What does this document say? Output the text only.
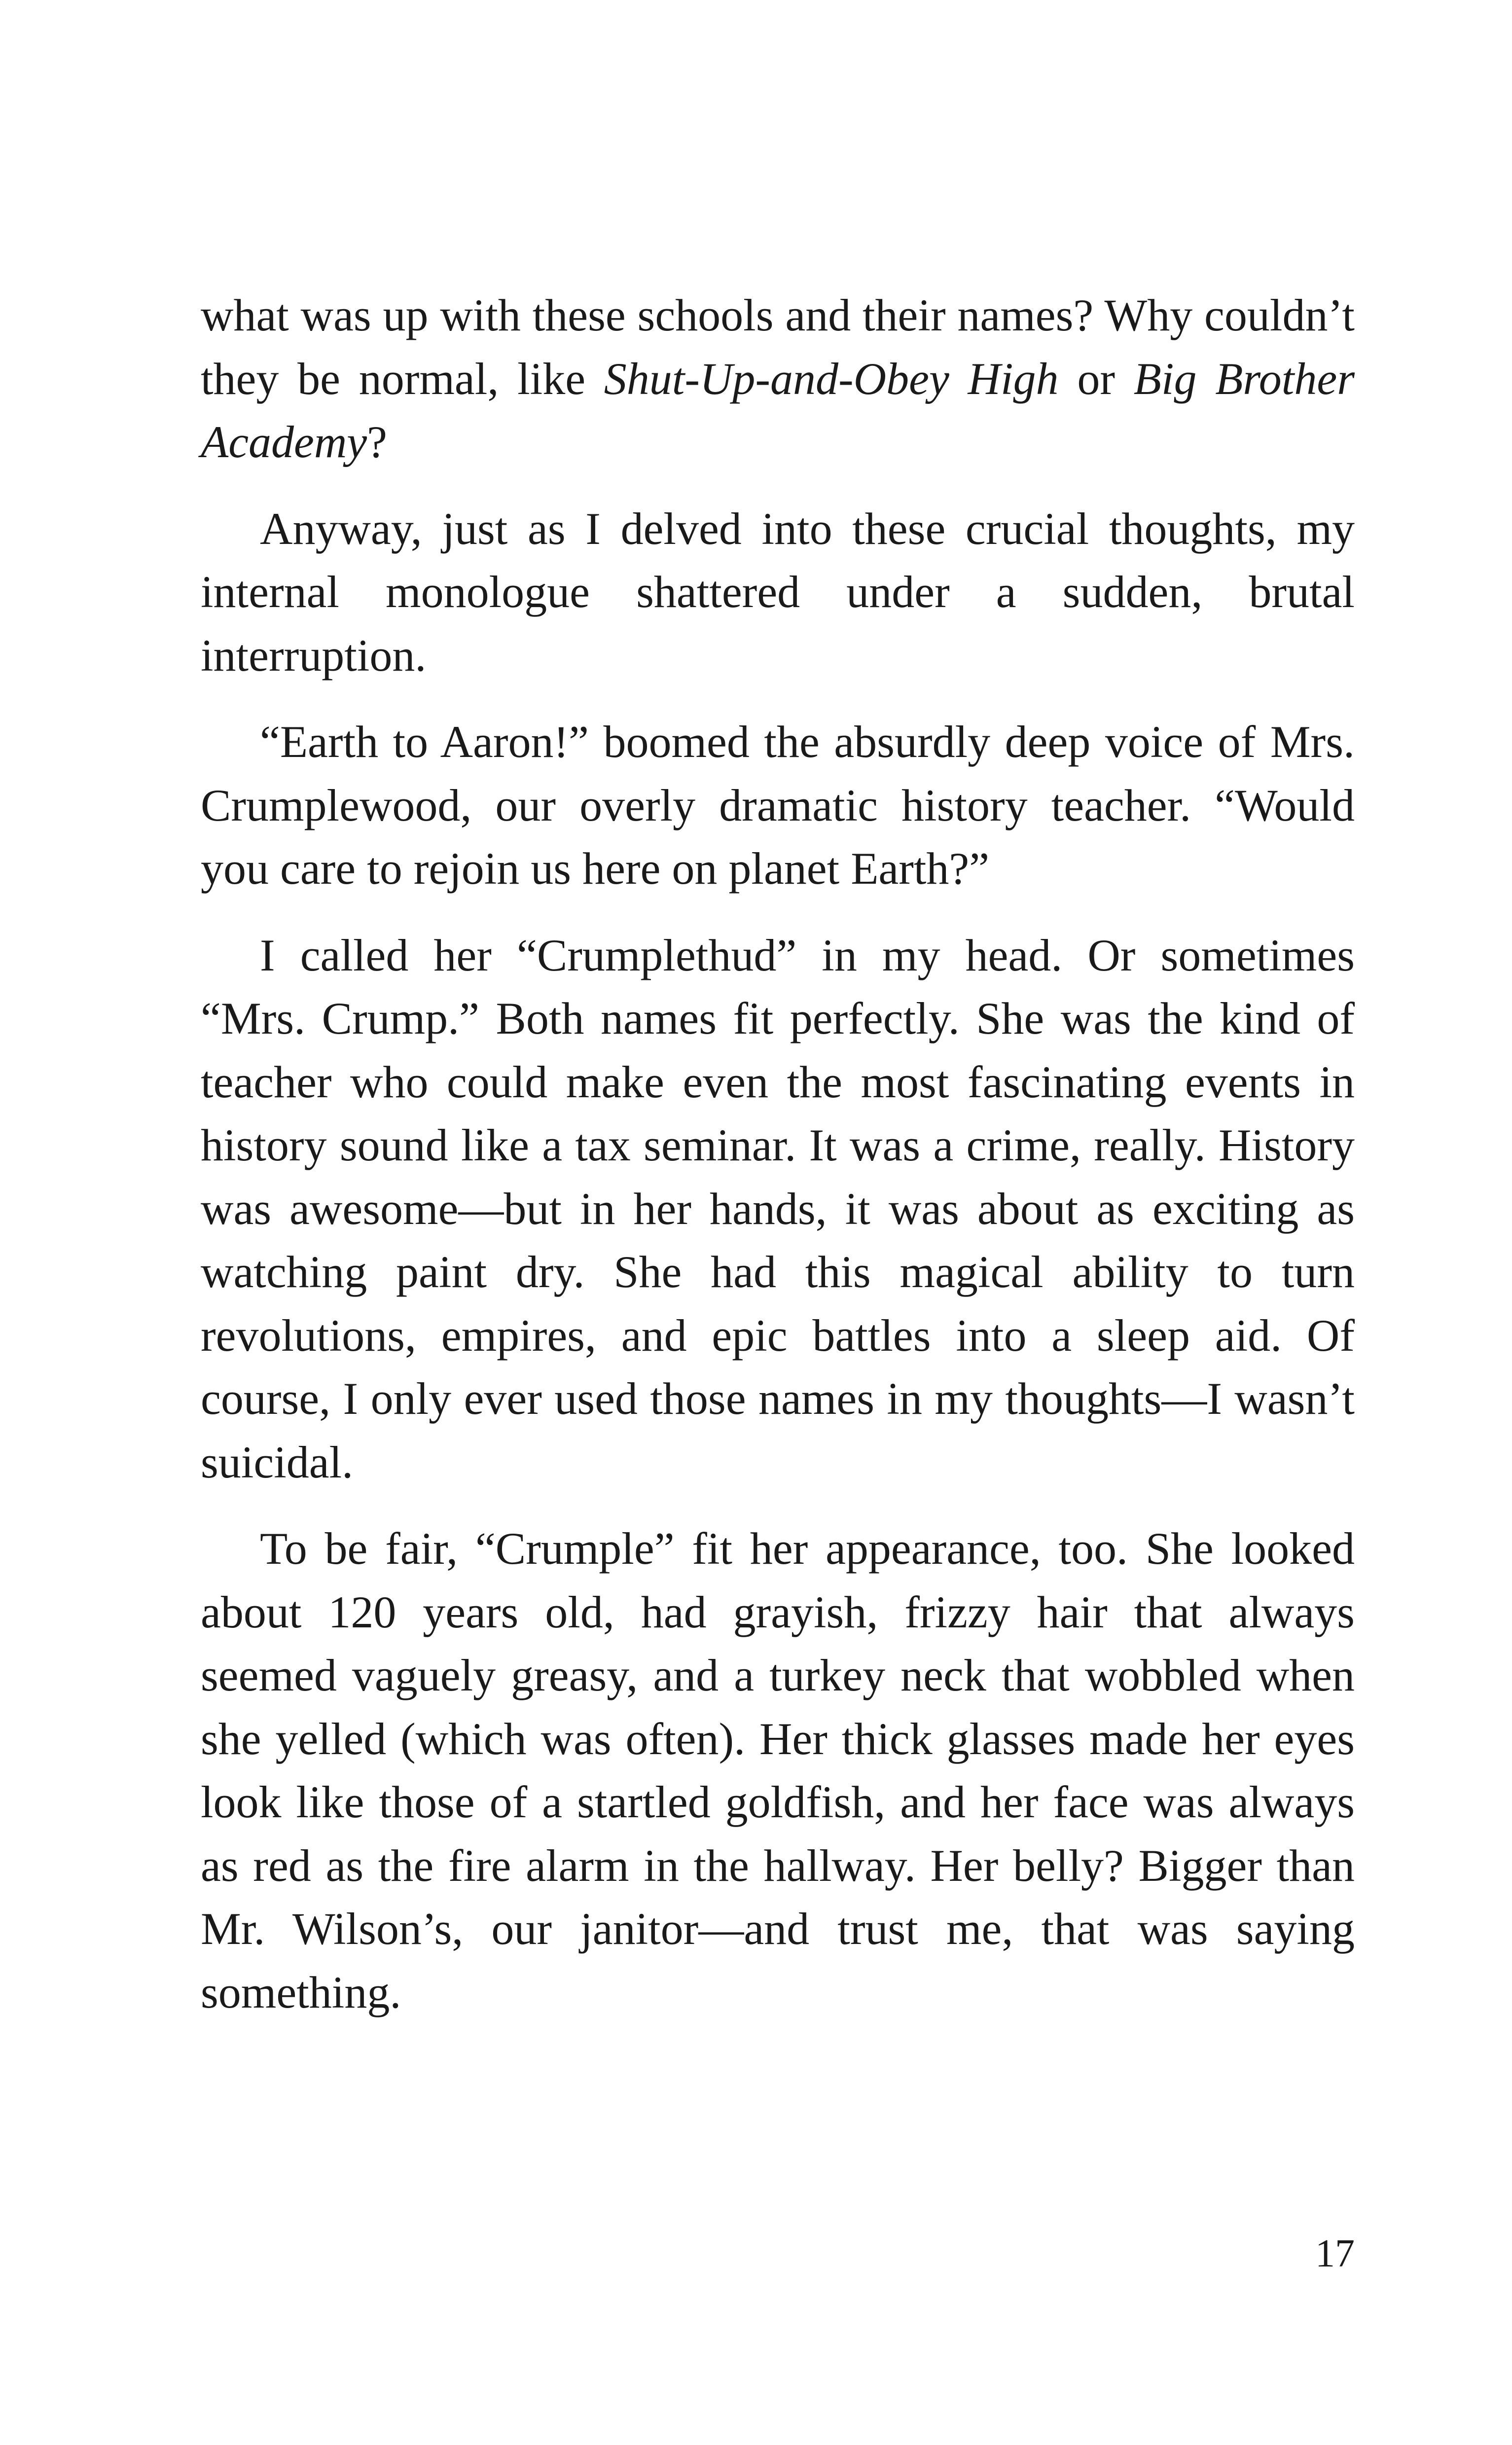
what was up with these schools and their names? Why couldn’t they be normal, like Shut-Up-and-Obey High or Big Brother Academy?

Anyway, just as I delved into these crucial thoughts, my internal monologue shattered under a sudden, brutal interruption.

“Earth to Aaron!” boomed the absurdly deep voice of Mrs. Crumplewood, our overly dramatic history teacher. “Would you care to rejoin us here on planet Earth?”

I called her “Crumplethud” in my head. Or sometimes “Mrs. Crump.” Both names fit perfectly. She was the kind of teacher who could make even the most fascinating events in history sound like a tax seminar. It was a crime, really. History was awesome—but in her hands, it was about as exciting as watching paint dry. She had this magical ability to turn revolutions, empires, and epic battles into a sleep aid. Of course, I only ever used those names in my thoughts—I wasn’t suicidal.

To be fair, “Crumple” fit her appearance, too. She looked about 120 years old, had grayish, frizzy hair that always seemed vaguely greasy, and a turkey neck that wobbled when she yelled (which was often). Her thick glasses made her eyes look like those of a startled goldfish, and her face was always as red as the fire alarm in the hallway. Her belly? Bigger than Mr. Wilson’s, our janitor—and trust me, that was saying something.

17
